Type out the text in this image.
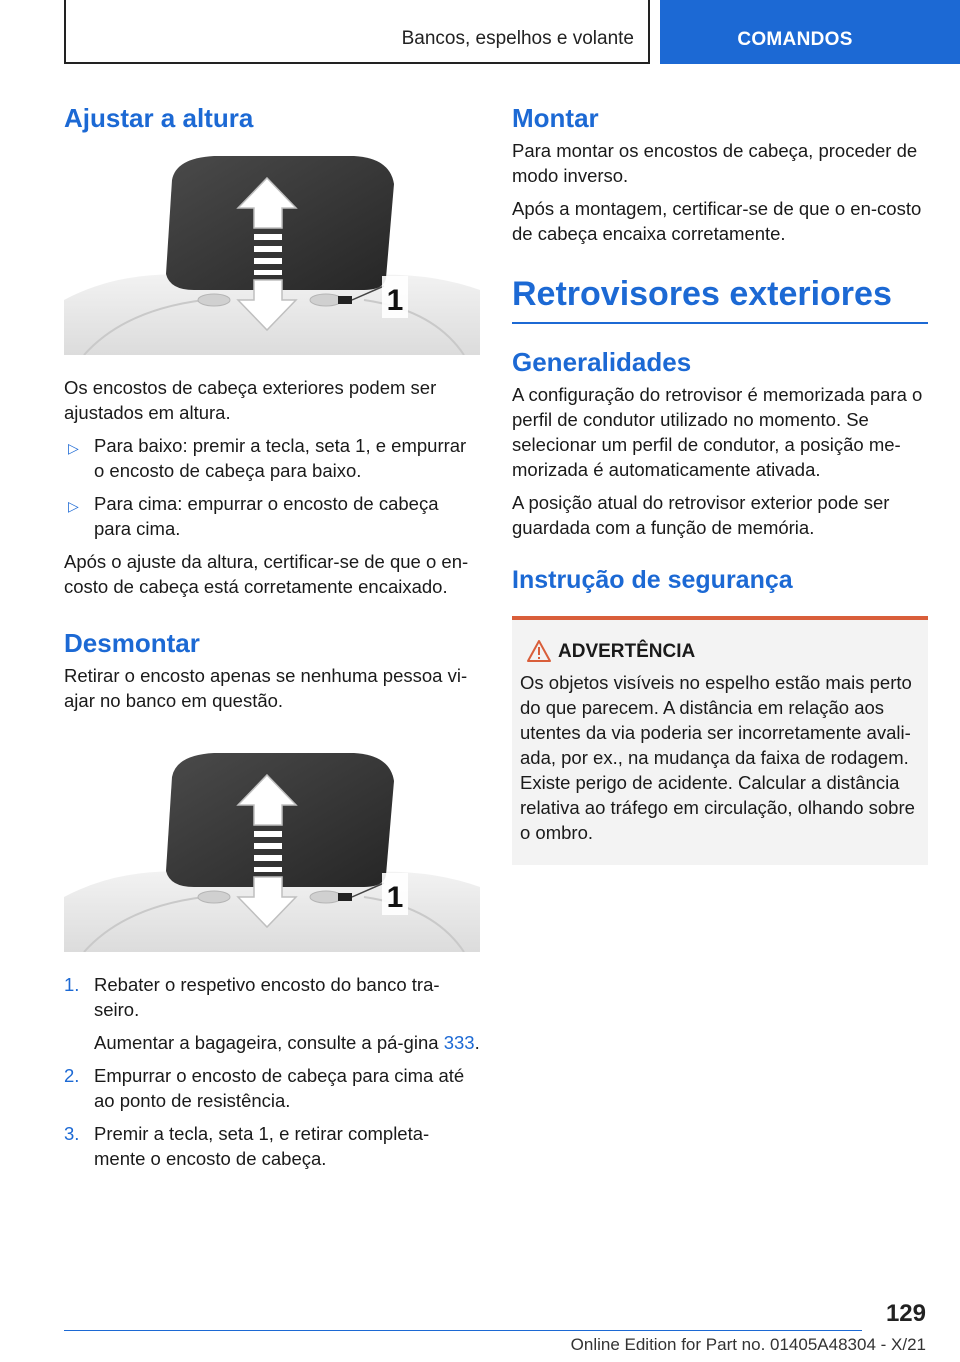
Bancos, espelhos e volante	COMANDOS
Ajustar a altura
1

Os encostos de cabeça exteriores podem ser ajustados em altura.

▷ Para baixo: premir a tecla, seta 1, e empurrar o encosto de cabeça para baixo.
▷ Para cima: empurrar o encosto de cabeça para cima.

Após o ajuste da altura, certificar-se de que o en‐costo de cabeça está corretamente encaixado.

Desmontar

Retirar o encosto apenas se nenhuma pessoa vi‐ajar no banco em questão.

1
1. Rebater o respetivo encosto do banco tra‐seiro.
Aumentar a bagageira, consulte a pá‐gina 333.
2. Empurrar o encosto de cabeça para cima até ao ponto de resistência.
3. Premir a tecla, seta 1, e retirar completa‐mente o encosto de cabeça.
Montar

Para montar os encostos de cabeça, proceder de modo inverso.

Após a montagem, certificar-se de que o en‐costo de cabeça encaixa corretamente.

Retrovisores exteriores
Generalidades

A configuração do retrovisor é memorizada para o perfil de condutor utilizado no momento. Se selecionar um perfil de condutor, a posição me‐morizada é automaticamente ativada.

A posição atual do retrovisor exterior pode ser guardada com a função de memória.

Instrução de segurança
ADVERTÊNCIA

Os objetos visíveis no espelho estão mais perto do que parecem. A distância em relação aos utentes da via poderia ser incorretamente avali‐ada, por ex., na mudança da faixa de rodagem. Existe perigo de acidente. Calcular a distância relativa ao tráfego em circulação, olhando sobre o ombro.

129
Online Edition for Part no. 01405A48304 - X/21
